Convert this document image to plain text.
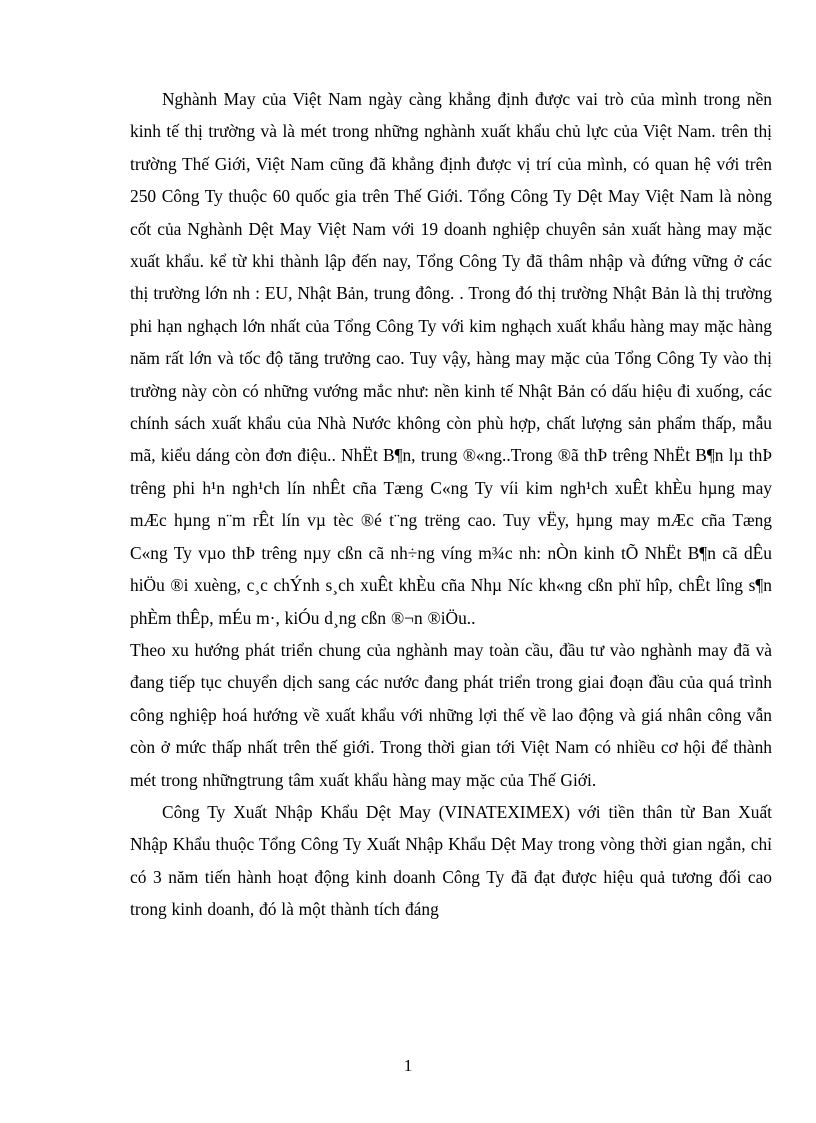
Nghành May của Việt Nam ngày càng khẳng định được vai trò của mình trong nền kinh tế thị trường và là mét trong những nghành xuất khẩu chủ lực của Việt Nam. trên thị trường Thế Giới, Việt Nam cũng đã khẳng định được vị trí của mình, có quan hệ với trên 250 Công Ty thuộc 60 quốc gia trên Thế Giới. Tổng Công Ty Dệt May Việt Nam là nòng cốt của Nghành Dệt May Việt Nam với 19 doanh nghiệp chuyên sản xuất hàng may mặc xuất khẩu. kể từ khi thành lập đến nay, Tổng Công Ty đã thâm nhập và đứng vững ở các thị trường lớn nh : EU, Nhật Bản, trung đông. . Trong đó thị trường Nhật Bản là thị trường phi hạn nghạch lớn nhất của Tổng Công Ty với kim nghạch xuất khẩu hàng may mặc hàng năm rất lớn và tốc độ tăng trưởng cao. Tuy vậy, hàng may mặc của Tổng Công Ty vào thị trường này còn có những vướng mắc như: nền kinh tế Nhật Bản có dấu hiệu đi xuống, các chính sách xuất khẩu của Nhà Nước không còn phù hợp, chất lượng sản phẩm thấp, mẫu mã, kiểu dáng còn đơn điệu.. NhËt B¶n, trung ®«ng..Trong ®ã thÞ trêng NhËt B¶n lµ thÞ trêng phi h¹n ngh¹ch lín nhÊt cña Tæng C«ng Ty víi kim ngh¹ch xuÊt khÈu hµng may mÆc hµng n¨m rÊt lín vµ tèc ®é t¨ng trëng cao. Tuy vËy, hµng may mÆc cña Tæng C«ng Ty vµo thÞ trêng nµy cßn cã nh÷ng víng m¾c nh: nÒn kinh tÕ NhËt B¶n cã dÊu hiÖu ®i xuèng, c¸c chÝnh s¸ch xuÊt khÈu cña Nhµ Níc kh«ng cßn phï hîp, chÊt lîng s¶n phÈm thÊp, mÉu m·, kiÓu d¸ng cßn ®¬n ®iÖu..

Theo xu hướng phát triển chung của nghành may toàn cầu, đầu tư vào nghành may đã và đang tiếp tục chuyển dịch sang các nước đang phát triển trong giai đoạn đầu của quá trình công nghiệp hoá hướng về xuất khẩu với những lợi thế về lao động và giá nhân công vẫn còn ở mức thấp nhất trên thế giới. Trong thời gian tới Việt Nam có nhiều cơ hội để thành mét trong nhữngtrung tâm xuất khẩu hàng may mặc của Thế Giới.

Công Ty Xuất Nhập Khẩu Dệt May (VINATEXIMEX) với tiền thân từ Ban Xuất Nhập Khẩu thuộc Tổng Công Ty Xuất Nhập Khẩu Dệt May trong vòng thời gian ngắn, chỉ có 3 năm tiến hành hoạt động kinh doanh Công Ty đã đạt được hiệu quả tương đối cao trong kinh doanh, đó là một thành tích đáng

1
